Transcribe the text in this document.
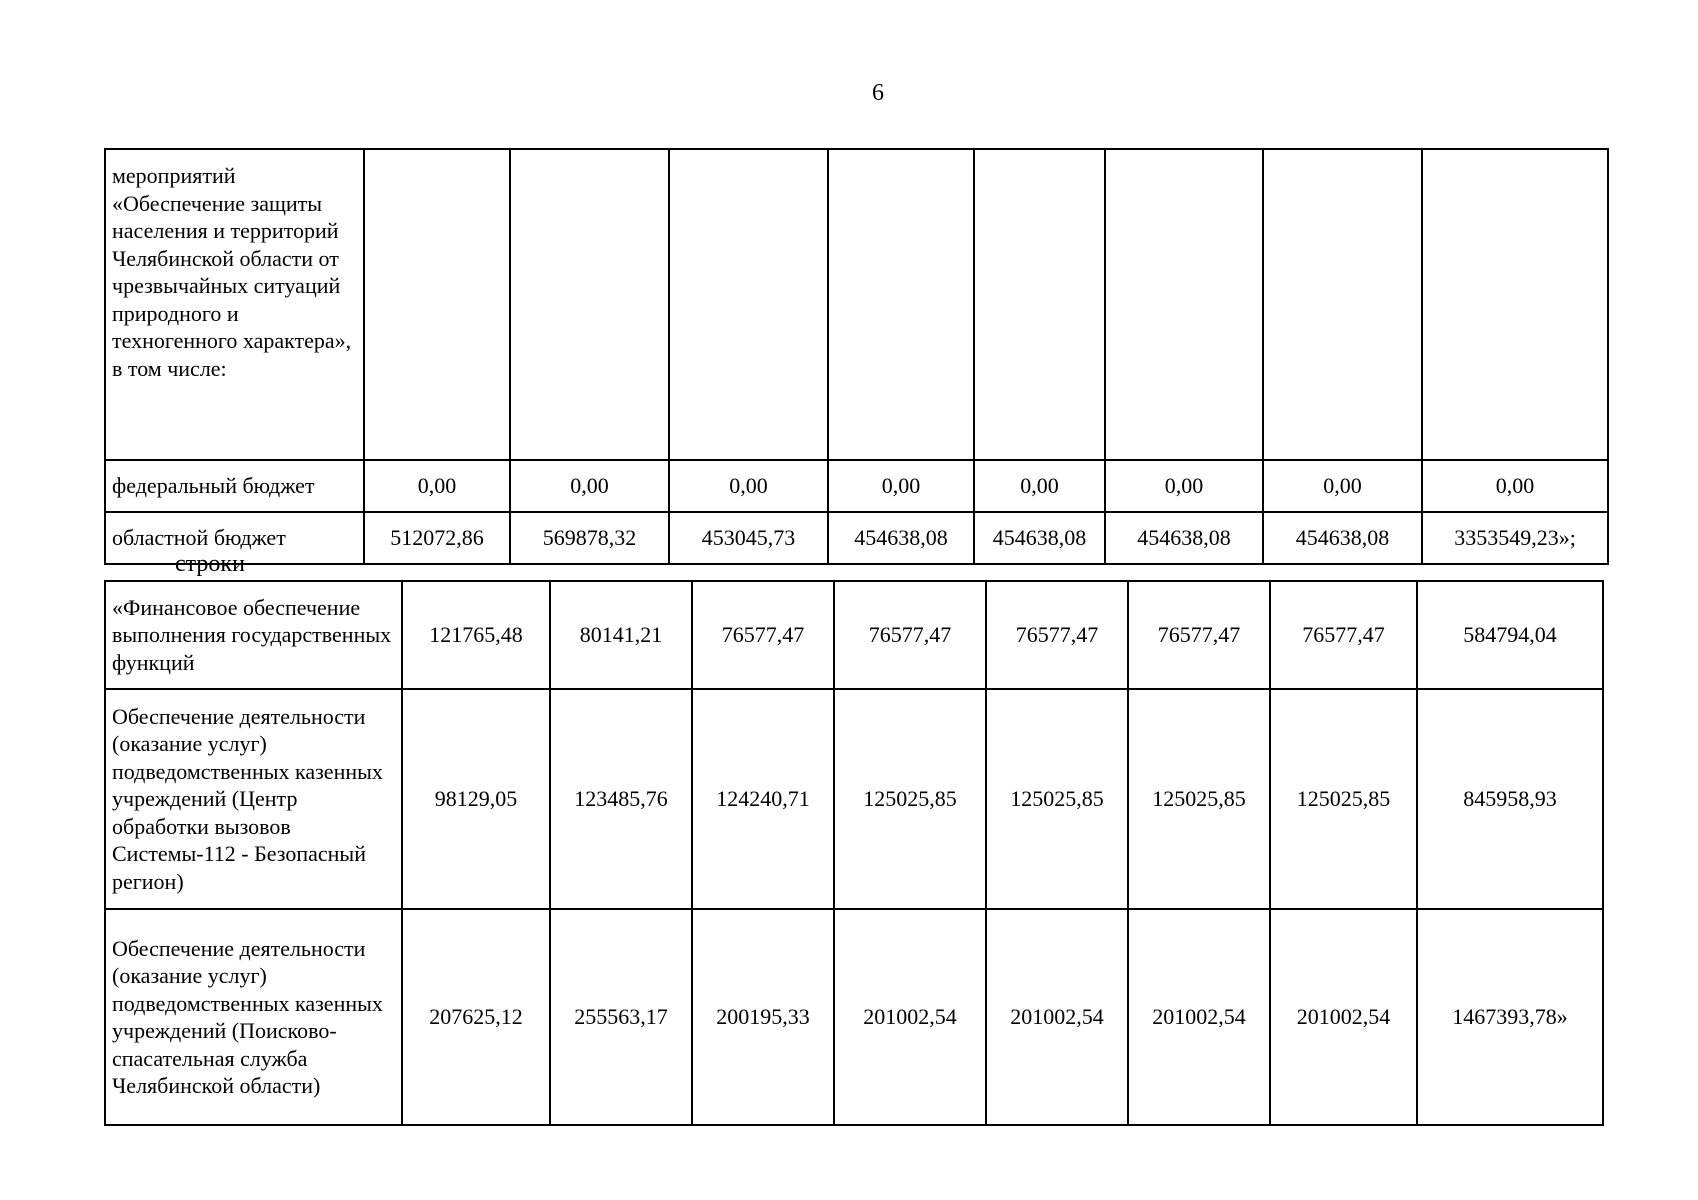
6
мероприятий «Обеспечение защиты населения и территорий Челябинской области от чрезвычайных ситуаций природного и техногенного характера», в том числе:								
федеральный бюджет	0,00	0,00	0,00	0,00	0,00	0,00	0,00	0,00
областной бюджет	512072,86	569878,32	453045,73	454638,08	454638,08	454638,08	454638,08	3353549,23»;
строки
«Финансовое обеспечение выполнения государственных функций	121765,48	80141,21	76577,47	76577,47	76577,47	76577,47	76577,47	584794,04
Обеспечение деятельности (оказание услуг) подведомственных казенных учреждений (Центр обработки вызовов Системы-112 - Безопасный регион)	98129,05	123485,76	124240,71	125025,85	125025,85	125025,85	125025,85	845958,93
Обеспечение деятельности (оказание услуг) подведомственных казенных учреждений (Поисково-спасательная служба Челябинской области)	207625,12	255563,17	200195,33	201002,54	201002,54	201002,54	201002,54	1467393,78»
